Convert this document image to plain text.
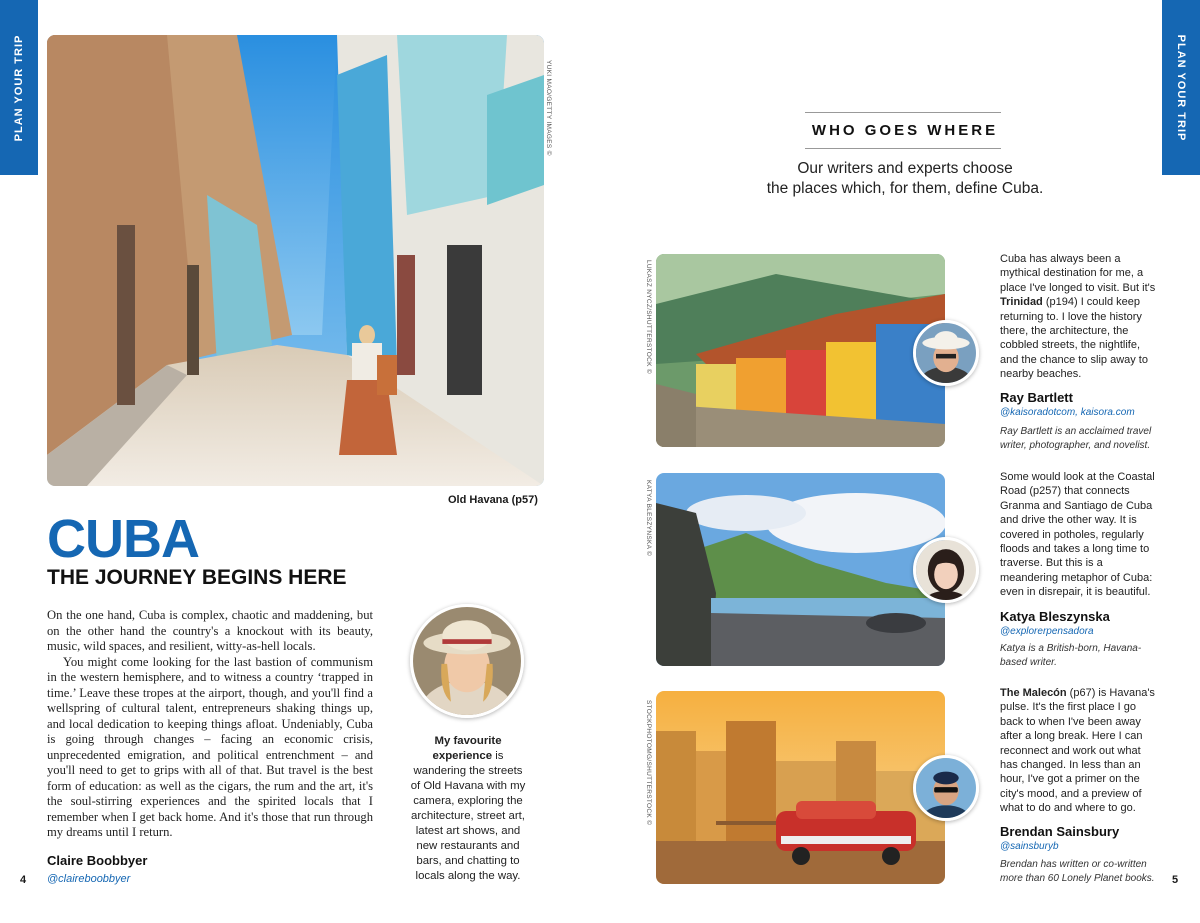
PLAN YOUR TRIP	PLAN YOUR TRIP
YUKI MAO/GETTY IMAGES ©
Old Havana (p57)
CUBA
THE JOURNEY BEGINS HERE

On the one hand, Cuba is complex, chaotic and maddening, but on the other hand the country's a knockout with its beauty, music, wild spaces, and resilient, witty-as-hell locals.

You might come looking for the last bastion of communism in the western hemisphere, and to witness a country ‘trapped in time.’ Leave these tropes at the airport, though, and you'll find a wellspring of cultural talent, entrepreneurs shaking things up, and local dedication to keeping things afloat. Undeniably, Cuba is going through changes – facing an economic crisis, unprecedented emigration, and political entrenchment – and you'll need to get to grips with all of that. But travel is the best form of education: as well as the cigars, the rum and the art, it's the soul-stirring experiences and the spirited locals that I remember when I get back home. And it's those that run through my dreams until I return.

Claire Boobbyer
@claireboobbyer
My favourite experience is wandering the streets of Old Havana with my camera, exploring the architecture, street art, latest art shows, and new restaurants and bars, and chatting to locals along the way.
4
WHO GOES WHERE
Our writers and experts choose
the places which, for them, define Cuba.
LUKASZ NYCZ/SHUTTERSTOCK ©
Cuba has always been a mythical destination for me, a place I've longed to visit. But it's Trinidad (p194) I could keep returning to. I love the history there, the architecture, the cobbled streets, the nightlife, and the chance to slip away to nearby beaches.
Ray Bartlett
@kaisoradotcom, kaisora.com
Ray Bartlett is an acclaimed travel writer, photographer, and novelist.
KATYA BLESZYNSKA ©
Some would look at the Coastal Road (p257) that connects Granma and Santiago de Cuba and drive the other way. It is covered in potholes, regularly floods and takes a long time to traverse. But this is a meandering metaphor of Cuba: even in disrepair, it is beautiful.
Katya Bleszynska
@explorerpensadora
Katya is a British-born, Havana-based writer.
STOCKPHOTOMG/SHUTTERSTOCK ©
The Malecón (p67) is Havana's pulse. It's the first place I go back to when I've been away after a long break. Here I can reconnect and work out what has changed. In less than an hour, I've got a primer on the city's mood, and a preview of what to do and where to go.
Brendan Sainsbury
@sainsburyb
Brendan has written or co-written more than 60 Lonely Planet books.	5
